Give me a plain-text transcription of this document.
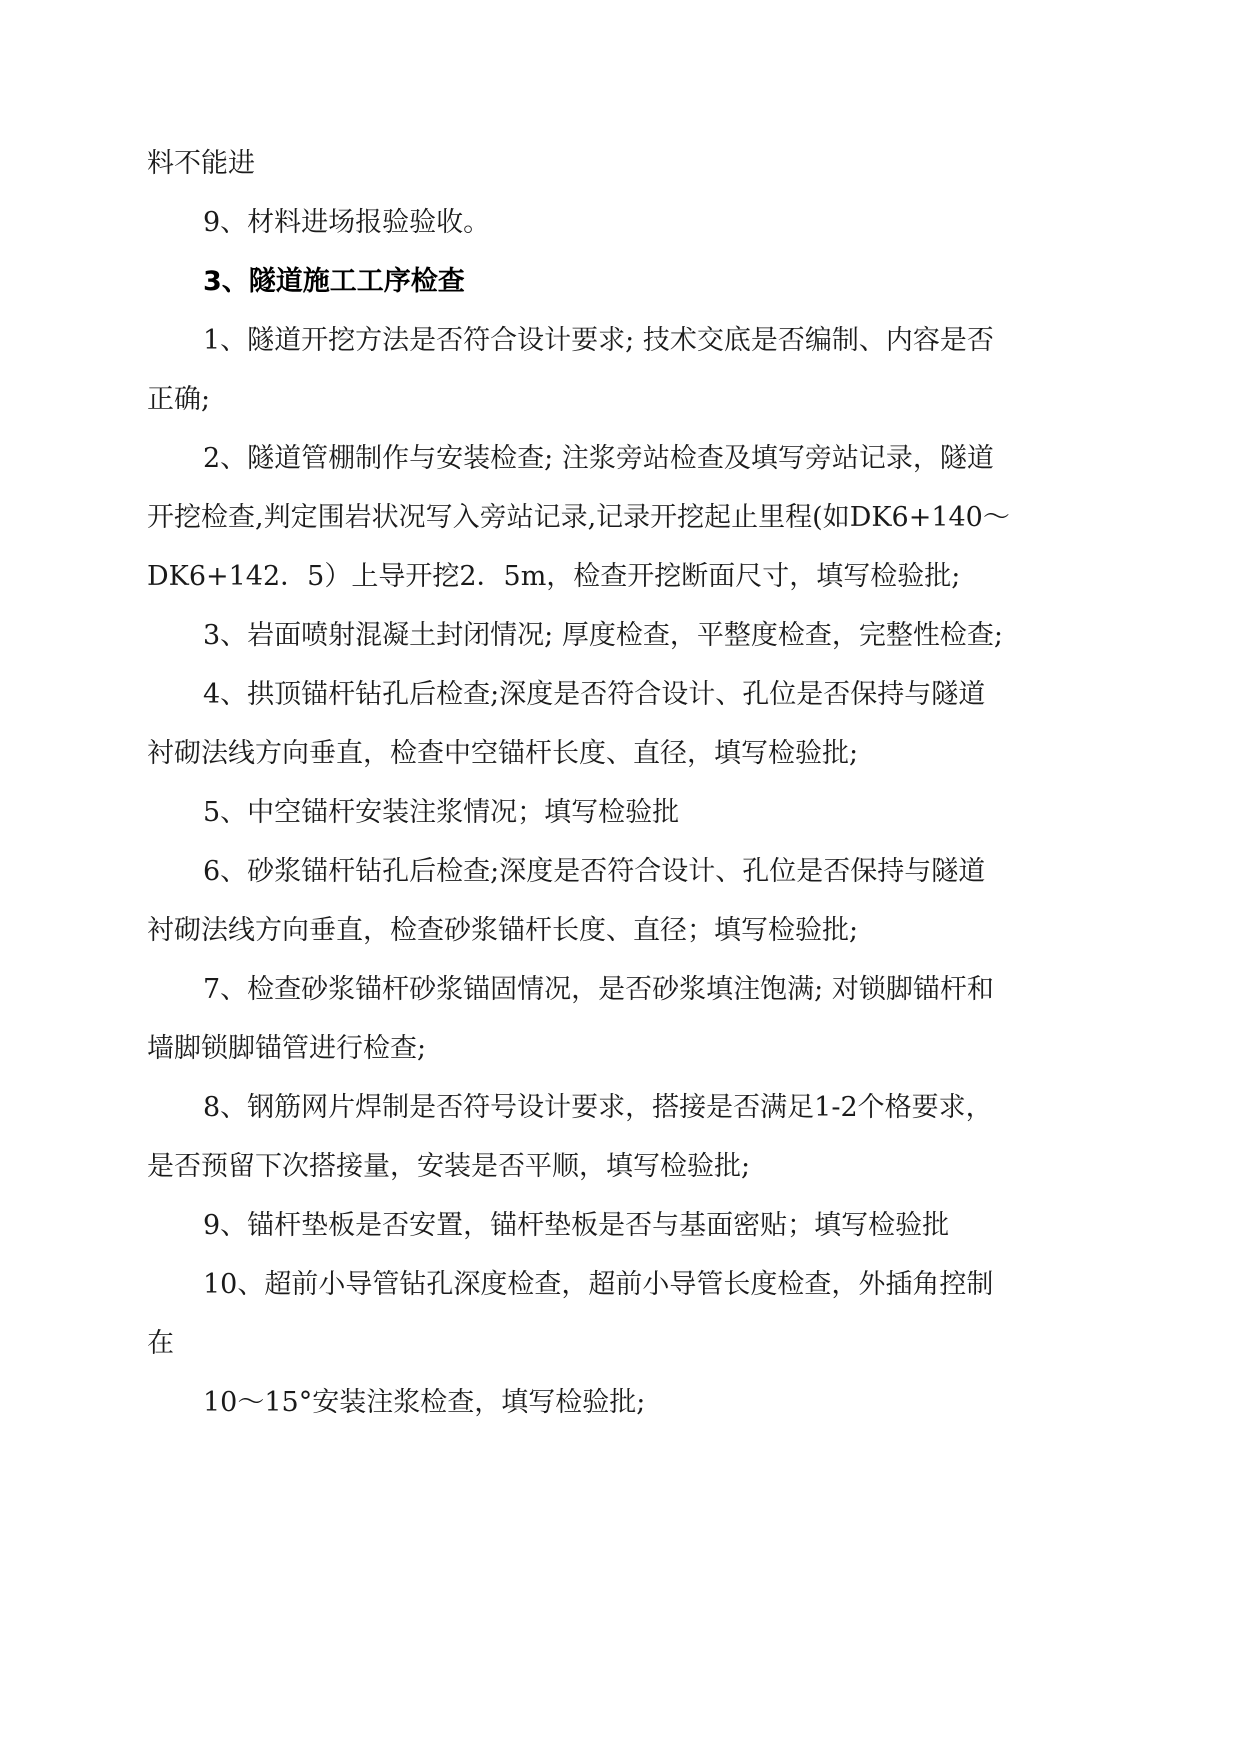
料不能进
9、材料进场报验验收。
3、隧道施工工序检查
1、隧道开挖方法是否符合设计要求; 技术交底是否编制、内容是否
正确;
2、隧道管棚制作与安装检查; 注浆旁站检查及填写旁站记录，隧道
开挖检查,判定围岩状况写入旁站记录,记录开挖起止里程(如DK6+140～
DK6+142．5）上导开挖2．5m，检查开挖断面尺寸，填写检验批;
3、岩面喷射混凝土封闭情况; 厚度检查，平整度检查，完整性检查;
4、拱顶锚杆钻孔后检查;深度是否符合设计、孔位是否保持与隧道
衬砌法线方向垂直，检查中空锚杆长度、直径，填写检验批;
5、中空锚杆安装注浆情况；填写检验批
6、砂浆锚杆钻孔后检查;深度是否符合设计、孔位是否保持与隧道
衬砌法线方向垂直，检查砂浆锚杆长度、直径；填写检验批;
7、检查砂浆锚杆砂浆锚固情况，是否砂浆填注饱满; 对锁脚锚杆和
墙脚锁脚锚管进行检查;
8、钢筋网片焊制是否符号设计要求，搭接是否满足1-2个格要求，
是否预留下次搭接量，安装是否平顺，填写检验批;
9、锚杆垫板是否安置，锚杆垫板是否与基面密贴；填写检验批
10、超前小导管钻孔深度检查，超前小导管长度检查，外插角控制
在
10～15°安装注浆检查，填写检验批;
